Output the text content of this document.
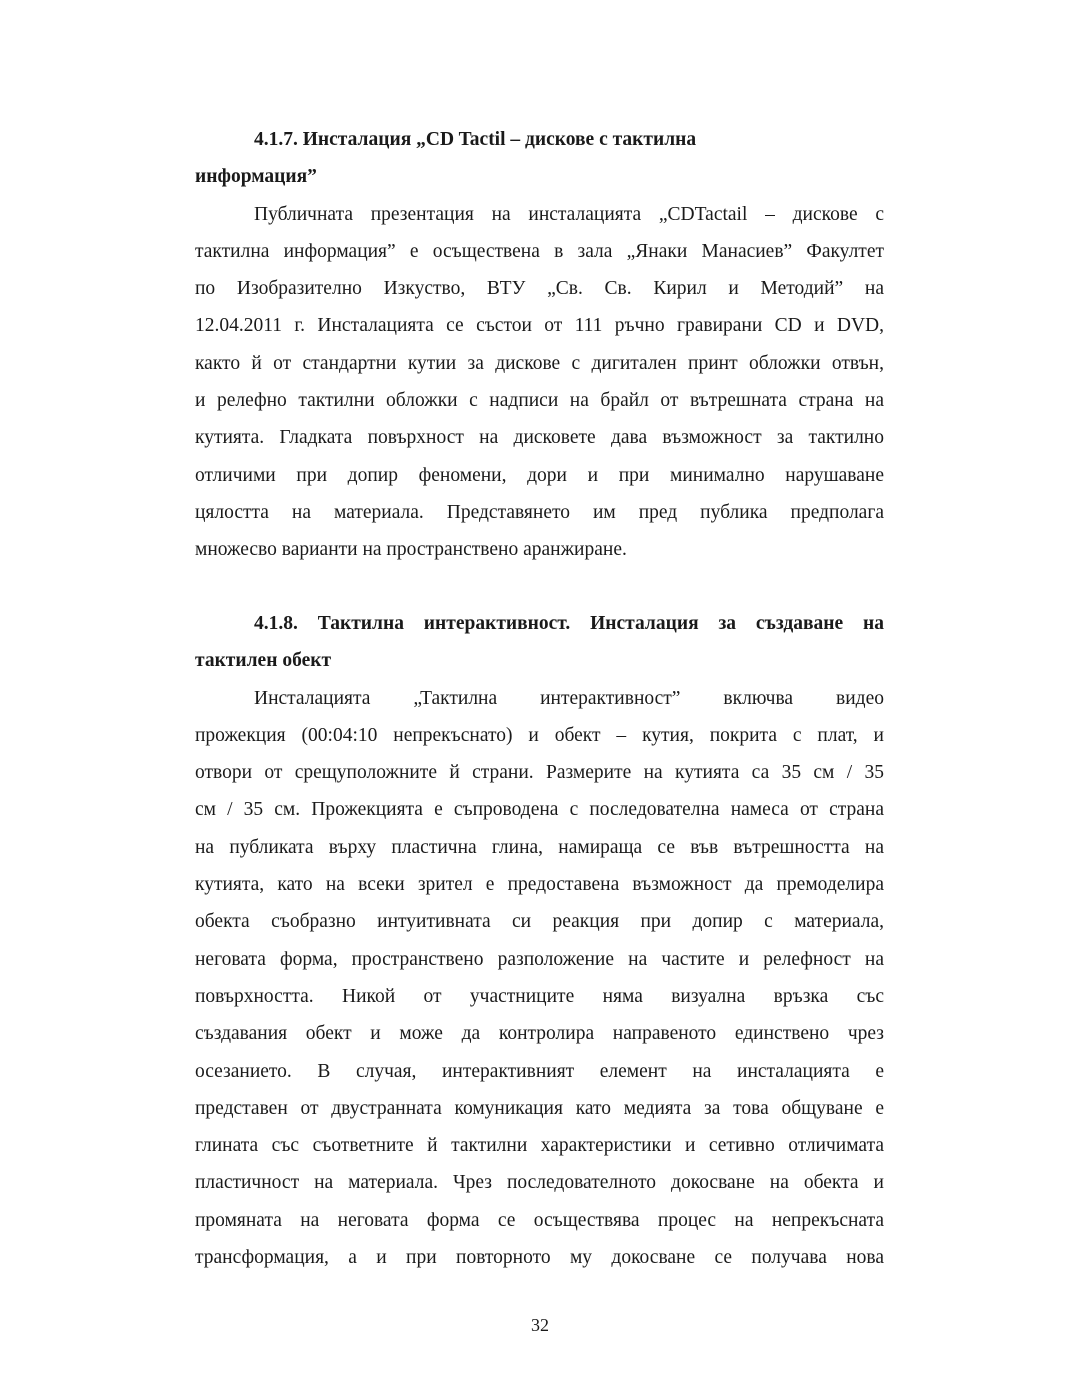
4.1.7. Инсталация „CD Tactil – дискове с тактилна
информация”
Публичната презентация на инсталацията „CDTactail – дискове с
тактилна информация” е осъществена в зала „Янаки Манасиев” Факултет
по Изобразително Изкуство, ВТУ „Св. Св. Кирил и Методий” на
12.04.2011 г. Инсталацията се състои от 111 ръчно гравирани CD и DVD,
както й от стандартни кутии за дискове с дигитален принт обложки отвън,
и релефно тактилни обложки с надписи на брайл от вътрешната страна на
кутията. Гладката повърхност на дисковете дава възможност за тактилно
отличими при допир феномени, дори и при минимално нарушаване
цялостта на материала. Представянето им пред публика предполага
множесво варианти на пространствено аранжиране.
4.1.8. Тактилна интерактивност. Инсталация за създаване на
тактилен обект
Инсталацията „Тактилна интерактивност” включва видео
прожекция (00:04:10 непрекъснато) и обект – кутия, покрита с плат, и
отвори от срещуположните й страни. Размерите на кутията са 35 см / 35
см / 35 см. Прожекцията е съпроводена с последователна намеса от страна
на публиката върху пластична глина, намираща се във вътрешността на
кутията, като на всеки зрител е предоставена възможност да премоделира
обекта съобразно интуитивната си реакция при допир с материала,
неговата форма, пространствено разположение на частите и релефност на
повърхността. Никой от участниците няма визуална връзка със
създавания обект и може да контролира направеното единствено чрез
осезанието. В случая, интерактивният елемент на инсталацията е
представен от двустранната комуникация като медията за това общуване е
глината със съответните й тактилни характеристики и сетивно отличимата
пластичност на материала. Чрез последователното докосване на обекта и
промяната на неговата форма се осъществява процес на непрекъсната
трансформация, а и при повторното му докосване се получава нова
32
